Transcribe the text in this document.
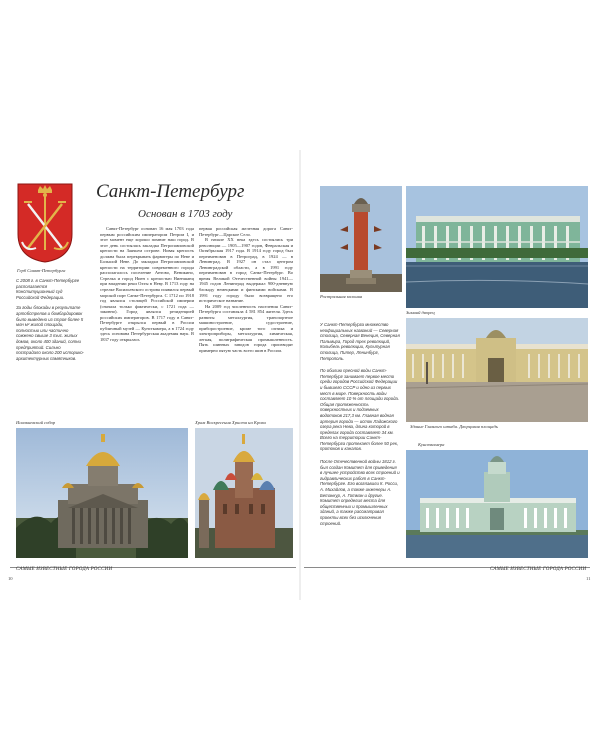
Герб Санкт-Петербурга

С 2008 г. в Санкт-Петербурге располагается Конституционный суд Российской Федерации.

За годы блокады в результате артобстрелов и бомбардировок было выведено из строя более 5 млн м² жилой площади, полностью или частично сожжено свыше 3 тыс. жилых домов, около 400 зданий, сотни предприятий. Сильно пострадало около 200 историко-архитектурных памятников.

Санкт-Петербург
Основан в 1703 году

Санкт-Петербург основан 16 мая 1703 года первым российским императором Петром I, и этот момент еще хорошо помнит наш город. В этот день состоялась закладка Петропавловской крепости на Заячьем острове. Новая крепость должна была перекрывать фарватеры по Неве и Большой Неве. До закладки Петропавловской крепости на территории современного города располагалось поселение Антово, Веникино, Стрелка и город Ниен с крепостью Ниеншанц при впадении реки Охты в Неву. В 1713 году на стрелке Васильевского острова появился первый морской порт Санкт-Петербурга. С 1712 по 1918 год являлся столицей Российской империи (сначала только фактически, с 1721 года — законно). Город являлся резиденцией российских императоров. В 1717 году в Санкт-Петербурге открылся первый в России публичный музей — Кунсткамера, а в 1724 году здесь основана Петербургская академия наук. В 1837 году открылась

первая российская железная дорога Санкт-Петербург—Царское Село.

В начале XX века здесь состоялись три революции — 1905—1907 годов, Февральская и Октябрьская 1917 года. В 1914 году город был переименован в Петроград, в 1924 — в Ленинград. В 1927 он стал центром Ленинградской области, а в 1991 году переименован в город Санкт-Петербург. Во время Великой Отечественной войны 1941—1945 годов Ленинград выдержал 900-дневную блокаду немецкими и финскими войсками. В 1991 году городу было возвращено его историческое название.

На 2009 год численность населения Санкт-Петербурга составляла 4 581 854 жителя. Здесь развиты металлургия, транспортное машиностроение, судостроение, приборостроение, кроме того оптика и электроприборы, металлургия, химическая, легкая, полиграфическая промышленность. Пять шинных заводов города производят примерно пятую часть всего шин в России.

Исаакиевский собор	Храм Воскресения Христа на Крови
САМЫЕ ИЗВЕСТНЫЕ ГОРОДА РОССИИ
10
Ростральная колонна
Зимний дворец

У Санкт-Петербурга множество неофициальных названий — Северная столица, Северная Венеция, Северная Пальмира, Город трех революций, Колыбель революции, Культурная столица, Питер, Ленинбург, Петрополь.

По обилию пресной воды Санкт-Петербург занимает первое место среди городов Российской Федерации и бывшего СССР и одно из первых мест в мире. Поверхность воды составляет 10 % от площади города. Общая протяженность поверхностных и подземных водотоков 217,3 км. Главная водная артерия города — исток Ладожского озера река Нева, длина которой в пределах города составляет 34 км. Всего на территории Санкт-Петербурга протекает более 50 рек, протоков и каналов.

После Отечественной войны 1812 г. был создан Комитет для приведения в лучшее устройство всех строений и гидравлических работ в Санкт-Петербурге. Его возглавили К. Росси, А. Михайлов, а также инженеры А. Бетанкур, А. Готман и другие. Комитет определил места для общественных и промышленных зданий, а также рассматривал проекты всех без исключения строений.

Здание Главного штаба. Дворцовая площадь
Кунсткамера
САМЫЕ ИЗВЕСТНЫЕ ГОРОДА РОССИИ
11
